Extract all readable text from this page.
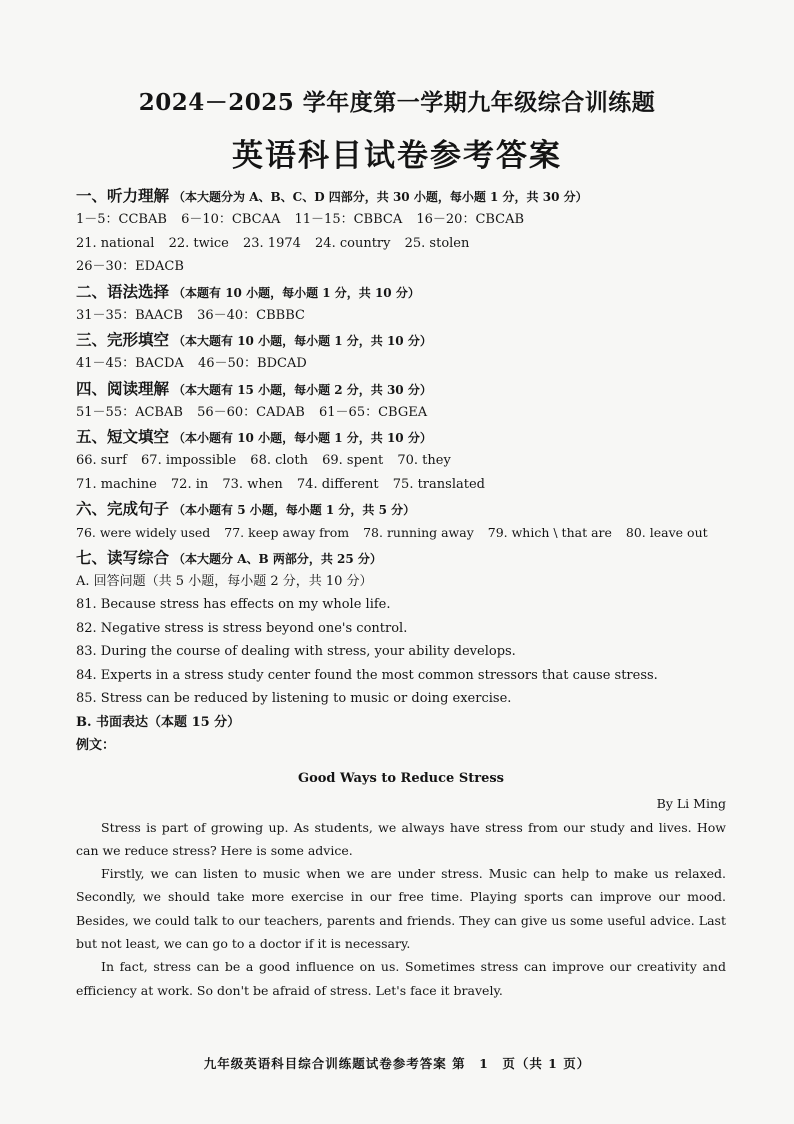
2024－2025 学年度第一学期九年级综合训练题
英语科目试卷参考答案
一、听力理解 （本大题分为 A、B、C、D 四部分，共 30 小题，每小题 1 分，共 30 分）
1－5：CCBAB 6－10：CBCAA 11－15：CBBCA 16－20：CBCAB
21. national 22. twice 23. 1974 24. country 25. stolen
26－30：EDACB
二、语法选择 （本题有 10 小题，每小题 1 分，共 10 分）
31－35：BAACB 36－40：CBBBC
三、完形填空 （本大题有 10 小题，每小题 1 分，共 10 分）
41－45：BACDA 46－50：BDCAD
四、阅读理解 （本大题有 15 小题，每小题 2 分，共 30 分）
51－55：ACBAB 56－60：CADAB 61－65：CBGEA
五、短文填空 （本小题有 10 小题，每小题 1 分，共 10 分）
66. surf 67. impossible 68. cloth 69. spent 70. they
71. machine 72. in 73. when 74. different 75. translated
六、完成句子 （本小题有 5 小题，每小题 1 分，共 5 分）
76. were widely used 77. keep away from 78. running away 79. which \ that are 80. leave out
七、读写综合 （本大题分 A、B 两部分，共 25 分）
A. 回答问题（共 5 小题，每小题 2 分，共 10 分）
81. Because stress has effects on my whole life.
82. Negative stress is stress beyond one's control.
83. During the course of dealing with stress, your ability develops.
84. Experts in a stress study center found the most common stressors that cause stress.
85. Stress can be reduced by listening to music or doing exercise.
B. 书面表达（本题 15 分）
例文：
Good Ways to Reduce Stress
By Li Ming

Stress is part of growing up. As students, we always have stress from our study and lives. How can we reduce stress? Here is some advice.

Firstly, we can listen to music when we are under stress. Music can help to make us relaxed. Secondly, we should take more exercise in our free time. Playing sports can improve our mood. Besides, we could talk to our teachers, parents and friends. They can give us some useful advice. Last but not least, we can go to a doctor if it is necessary.

In fact, stress can be a good influence on us. Sometimes stress can improve our creativity and efficiency at work. So don't be afraid of stress. Let's face it bravely.

九年级英语科目综合训练题试卷参考答案 第　1　页（共 1 页）
